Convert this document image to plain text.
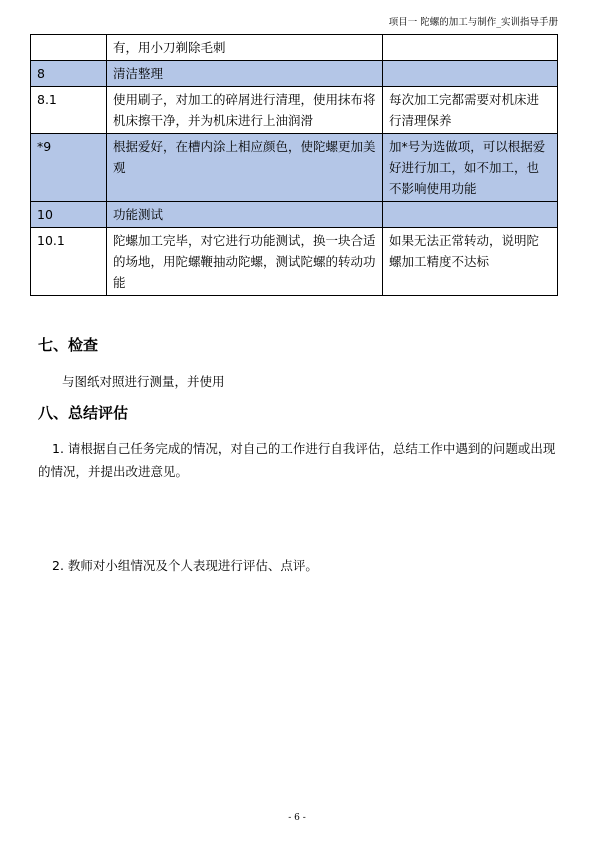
项目一 陀螺的加工与制作_实训指导手册
	有，用小刀剃除毛刺	
8	清洁整理	
8.1	使用刷子，对加工的碎屑进行清理，使用抹布将机床擦干净，并为机床进行上油润滑	每次加工完都需要对机床进行清理保养
*9	根据爱好，在槽内涂上相应颜色，使陀螺更加美观	加*号为选做项，可以根据爱好进行加工，如不加工，也不影响使用功能
10	功能测试	
10.1	陀螺加工完毕，对它进行功能测试，换一块合适的场地，用陀螺鞭抽动陀螺，测试陀螺的转动功能	如果无法正常转动，说明陀螺加工精度不达标
七、检查
与图纸对照进行测量，并使用
八、总结评估
1. 请根据自己任务完成的情况，对自己的工作进行自我评估，总结工作中遇到的问题或出现的情况，并提出改进意见。
2. 教师对小组情况及个人表现进行评估、点评。
- 6 -
